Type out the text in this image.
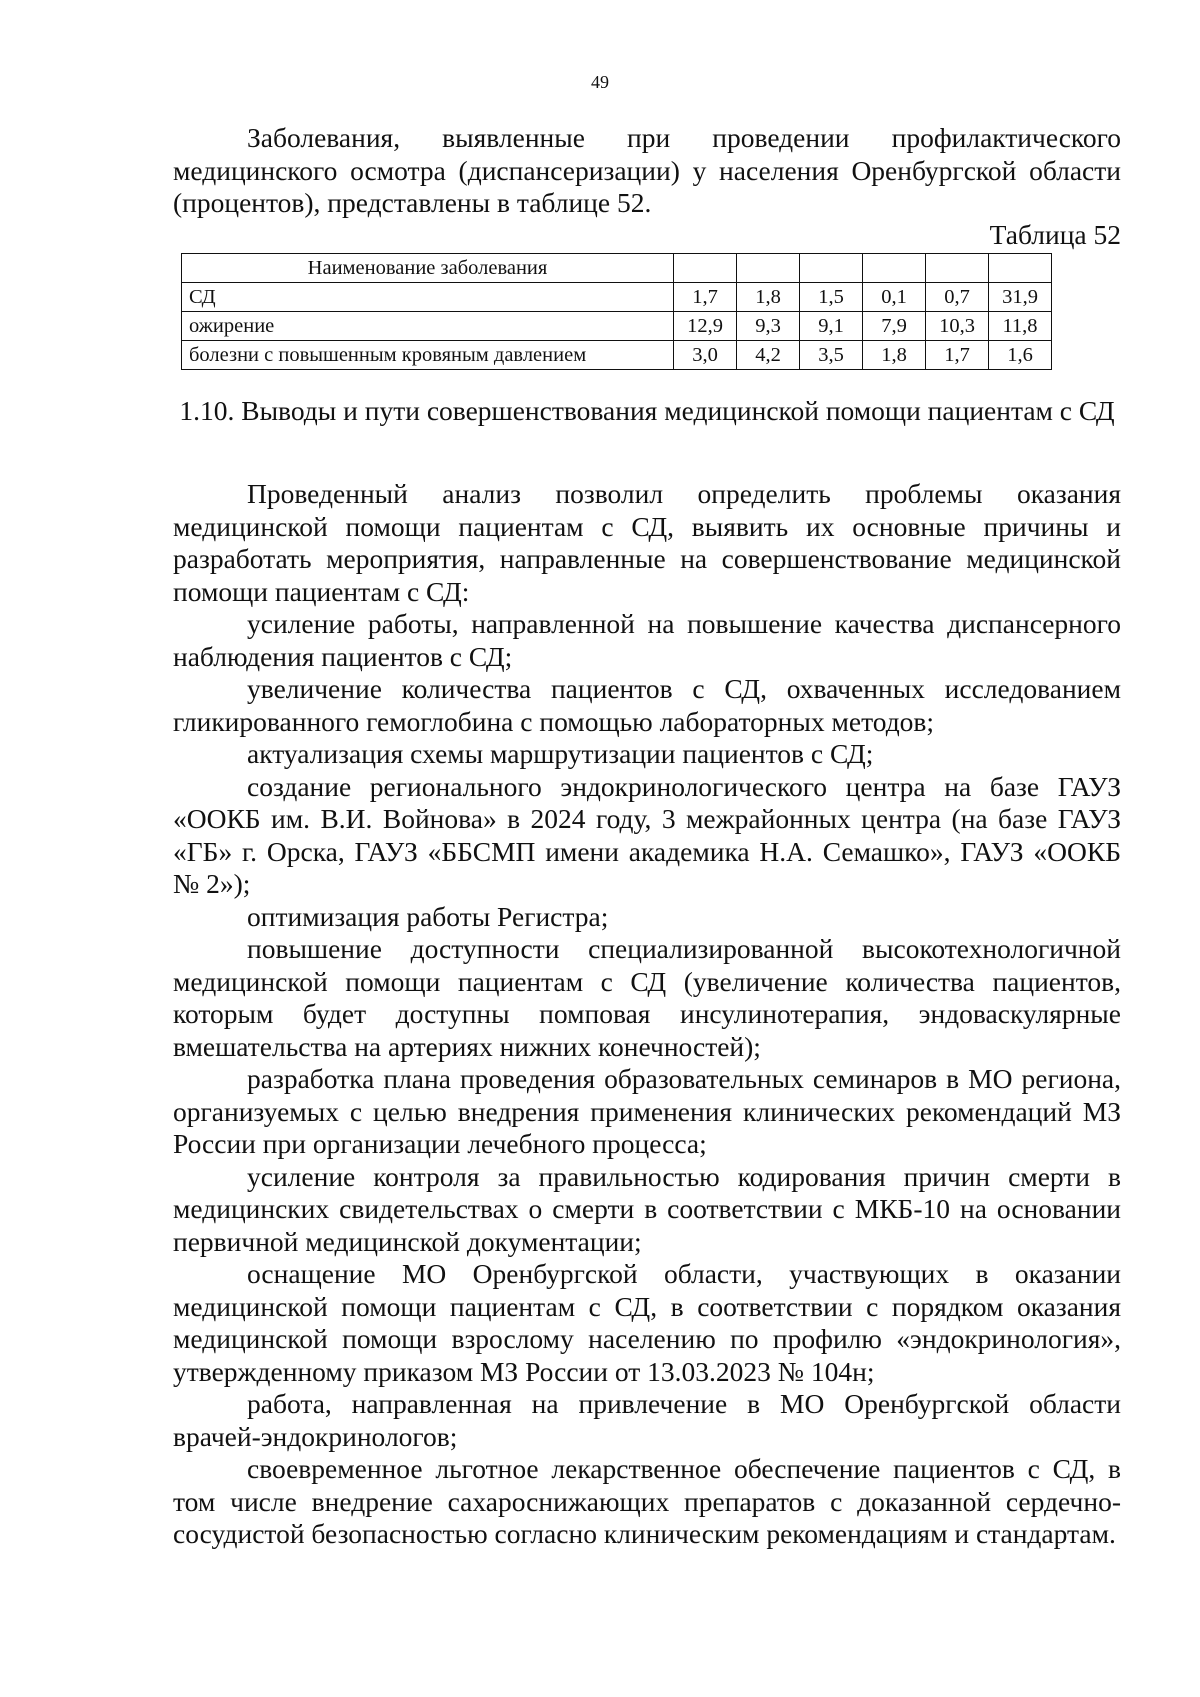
49

Заболевания, выявленные при проведении профилактического медицинского осмотра (диспансеризации) у населения Оренбургской области (процентов), представлены в таблице 52.

Таблица 52
Наименование заболевания						
СД	1,7	1,8	1,5	0,1	0,7	31,9
ожирение	12,9	9,3	9,1	7,9	10,3	11,8
болезни с повышенным кровяным давлением	3,0	4,2	3,5	1,8	1,7	1,6
1.10. Выводы и пути совершенствования медицинской помощи пациентам с СД

Проведенный анализ позволил определить проблемы оказания медицинской помощи пациентам с СД, выявить их основные причины и разработать мероприятия, направленные на совершенствование медицинской помощи пациентам с СД:

усиление работы, направленной на повышение качества диспансерного наблюдения пациентов с СД;

увеличение количества пациентов с СД, охваченных исследованием гликированного гемоглобина с помощью лабораторных методов;

актуализация схемы маршрутизации пациентов с СД;

создание регионального эндокринологического центра на базе ГАУЗ «ООКБ им. В.И. Войнова» в 2024 году, 3 межрайонных центра (на базе ГАУЗ «ГБ» г. Орска, ГАУЗ «ББСМП имени академика Н.А. Семашко», ГАУЗ «ООКБ № 2»);

оптимизация работы Регистра;

повышение доступности специализированной высокотехнологичной медицинской помощи пациентам с СД (увеличение количества пациентов, которым будет доступны помповая инсулинотерапия, эндоваскулярные вмешательства на артериях нижних конечностей);

разработка плана проведения образовательных семинаров в МО региона, организуемых с целью внедрения применения клинических рекомендаций МЗ России при организации лечебного процесса;

усиление контроля за правильностью кодирования причин смерти в медицинских свидетельствах о смерти в соответствии с МКБ-10 на основании первичной медицинской документации;

оснащение МО Оренбургской области, участвующих в оказании медицинской помощи пациентам с СД, в соответствии с порядком оказания медицинской помощи взрослому населению по профилю «эндокринология», утвержденному приказом МЗ России от 13.03.2023 № 104н;

работа, направленная на привлечение в МО Оренбургской области врачей-эндокринологов;

своевременное льготное лекарственное обеспечение пациентов с СД, в том числе внедрение сахароснижающих препаратов с доказанной сердечно-сосудистой безопасностью согласно клиническим рекомендациям и стандартам.
